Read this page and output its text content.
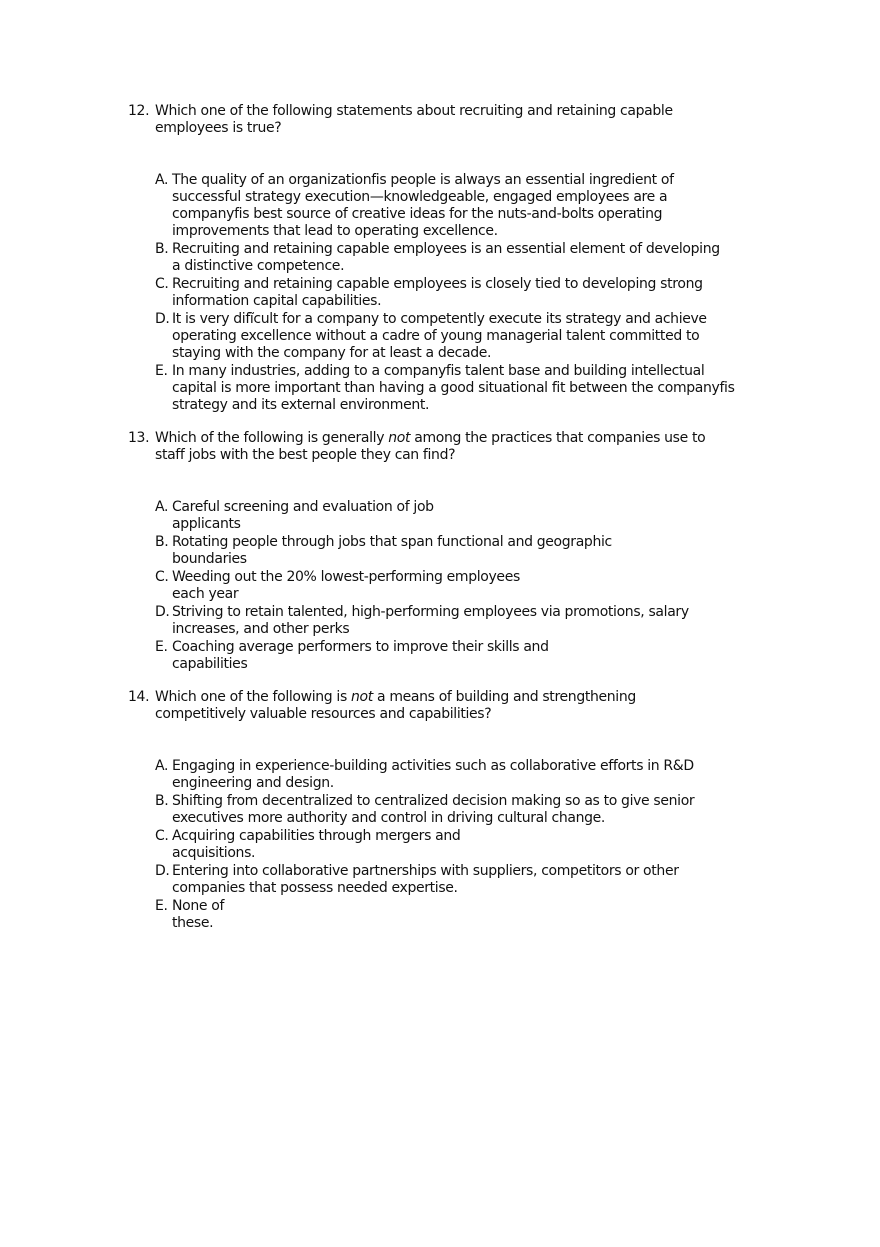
12. Which one of the following statements about recruiting and retaining capable
employees is true?
A. The quality of an organizationfis people is always an essential ingredient of
successful strategy execution—knowledgeable, engaged employees are a
companyfis best source of creative ideas for the nuts-and-bolts operating
improvements that lead to operating excellence.
B. Recruiting and retaining capable employees is an essential element of developing
a distinctive competence.
C. Recruiting and retaining capable employees is closely tied to developing strong
information capital capabilities.
D. It is very difĩcult for a company to competently execute its strategy and achieve
operating excellence without a cadre of young managerial talent committed to
staying with the company for at least a decade.
E. In many industries, adding to a companyfis talent base and building intellectual
capital is more important than having a good situational fit between the companyfis
strategy and its external environment.
13. Which of the following is generally not among the practices that companies use to
staff jobs with the best people they can find?
A. Careful screening and evaluation of job
applicants
B. Rotating people through jobs that span functional and geographic
boundaries
C. Weeding out the 20% lowest-performing employees
each year
D. Striving to retain talented, high-performing employees via promotions, salary
increases, and other perks
E. Coaching average performers to improve their skills and
capabilities
14. Which one of the following is not a means of building and strengthening
competitively valuable resources and capabilities?
A. Engaging in experience-building activities such as collaborative efforts in R&D
engineering and design.
B. Shifting from decentralized to centralized decision making so as to give senior
executives more authority and control in driving cultural change.
C. Acquiring capabilities through mergers and
acquisitions.
D. Entering into collaborative partnerships with suppliers, competitors or other
companies that possess needed expertise.
E. None of
these.
